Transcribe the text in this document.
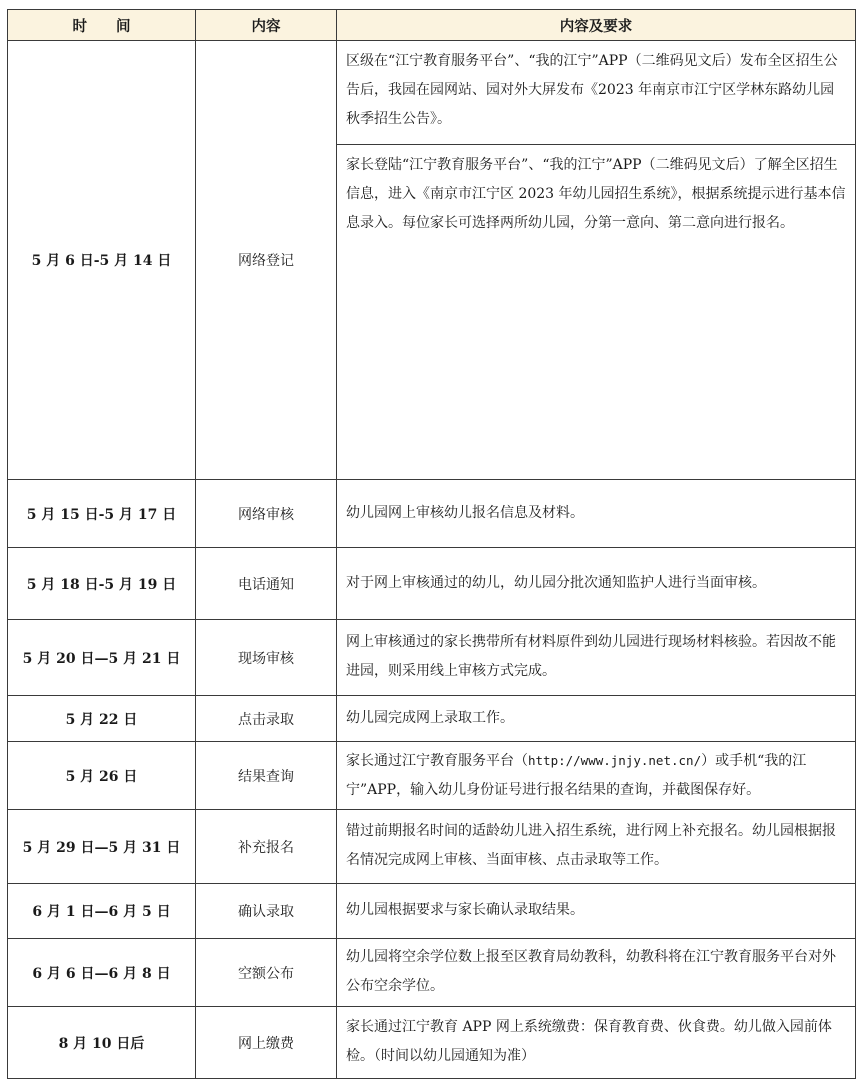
时　　间	内容	内容及要求
5 月 6 日-5 月 14 日	网络登记	区级在“江宁教育服务平台”、“我的江宁”APP（二维码见文后）发布全区招生公告后，我园在园网站、园对外大屏发布《2023 年南京市江宁区学林东路幼儿园秋季招生公告》。
家长登陆“江宁教育服务平台”、“我的江宁”APP（二维码见文后）了解全区招生信息，进入《南京市江宁区 2023 年幼儿园招生系统》，根据系统提示进行基本信息录入。每位家长可选择两所幼儿园，分第一意向、第二意向进行报名。

5 月 15 日-5 月 17 日	网络审核	幼儿园网上审核幼儿报名信息及材料。
5 月 18 日-5 月 19 日	电话通知	对于网上审核通过的幼儿，幼儿园分批次通知监护人进行当面审核。
5 月 20 日—5 月 21 日	现场审核	网上审核通过的家长携带所有材料原件到幼儿园进行现场材料核验。若因故不能进园，则采用线上审核方式完成。
5 月 22 日	点击录取	幼儿园完成网上录取工作。
5 月 26 日	结果查询	家长通过江宁教育服务平台（http://www.jnjy.net.cn/）或手机“我的江宁”APP，输入幼儿身份证号进行报名结果的查询，并截图保存好。
5 月 29 日—5 月 31 日	补充报名	错过前期报名时间的适龄幼儿进入招生系统，进行网上补充报名。幼儿园根据报名情况完成网上审核、当面审核、点击录取等工作。
6 月 1 日—6 月 5 日	确认录取	幼儿园根据要求与家长确认录取结果。
6 月 6 日—6 月 8 日	空额公布	幼儿园将空余学位数上报至区教育局幼教科，幼教科将在江宁教育服务平台对外公布空余学位。
8 月 10 日后	网上缴费	家长通过江宁教育 APP 网上系统缴费：保育教育费、伙食费。幼儿做入园前体检。（时间以幼儿园通知为准）
